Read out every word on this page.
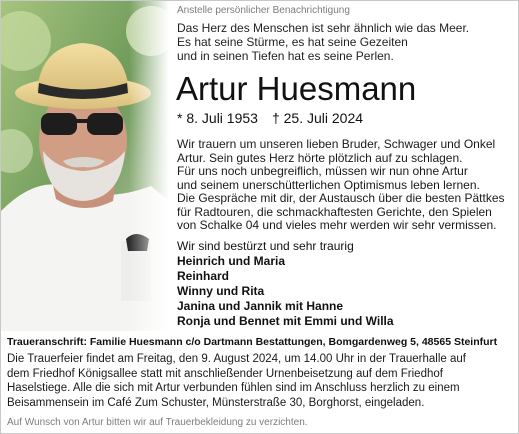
Anstelle persönlicher Benachrichtigung
Das Herz des Menschen ist sehr ähnlich wie das Meer.
Es hat seine Stürme, es hat seine Gezeiten
und in seinen Tiefen hat es seine Perlen.
Artur Huesmann
* 8. Juli 1953 † 25. Juli 2024
Wir trauern um unseren lieben Bruder, Schwager und Onkel
Artur. Sein gutes Herz hörte plötzlich auf zu schlagen.
Für uns noch unbegreiflich, müssen wir nun ohne Artur
und seinem unerschütterlichen Optimismus leben lernen.
Die Gespräche mit dir, der Austausch über die besten Pättkes
für Radtouren, die schmackhaftesten Gerichte, den Spielen
von Schalke 04 und vieles mehr werden wir sehr vermissen.
Wir sind bestürzt und sehr traurig
Heinrich und Maria
Reinhard
Winny und Rita
Janina und Jannik mit Hanne
Ronja und Bennet mit Emmi und Willa
Traueranschrift: Familie Huesmann c/o Dartmann Bestattungen, Bomgardenweg 5, 48565 Steinfurt
Die Trauerfeier findet am Freitag, den 9. August 2024, um 14.00 Uhr in der Trauerhalle auf
dem Friedhof Königsallee statt mit anschließender Urnenbeisetzung auf dem Friedhof
Haselstiege. Alle die sich mit Artur verbunden fühlen sind im Anschluss herzlich zu einem
Beisammensein im Café Zum Schuster, Münsterstraße 30, Borghorst, eingeladen.
Auf Wunsch von Artur bitten wir auf Trauerbekleidung zu verzichten.
